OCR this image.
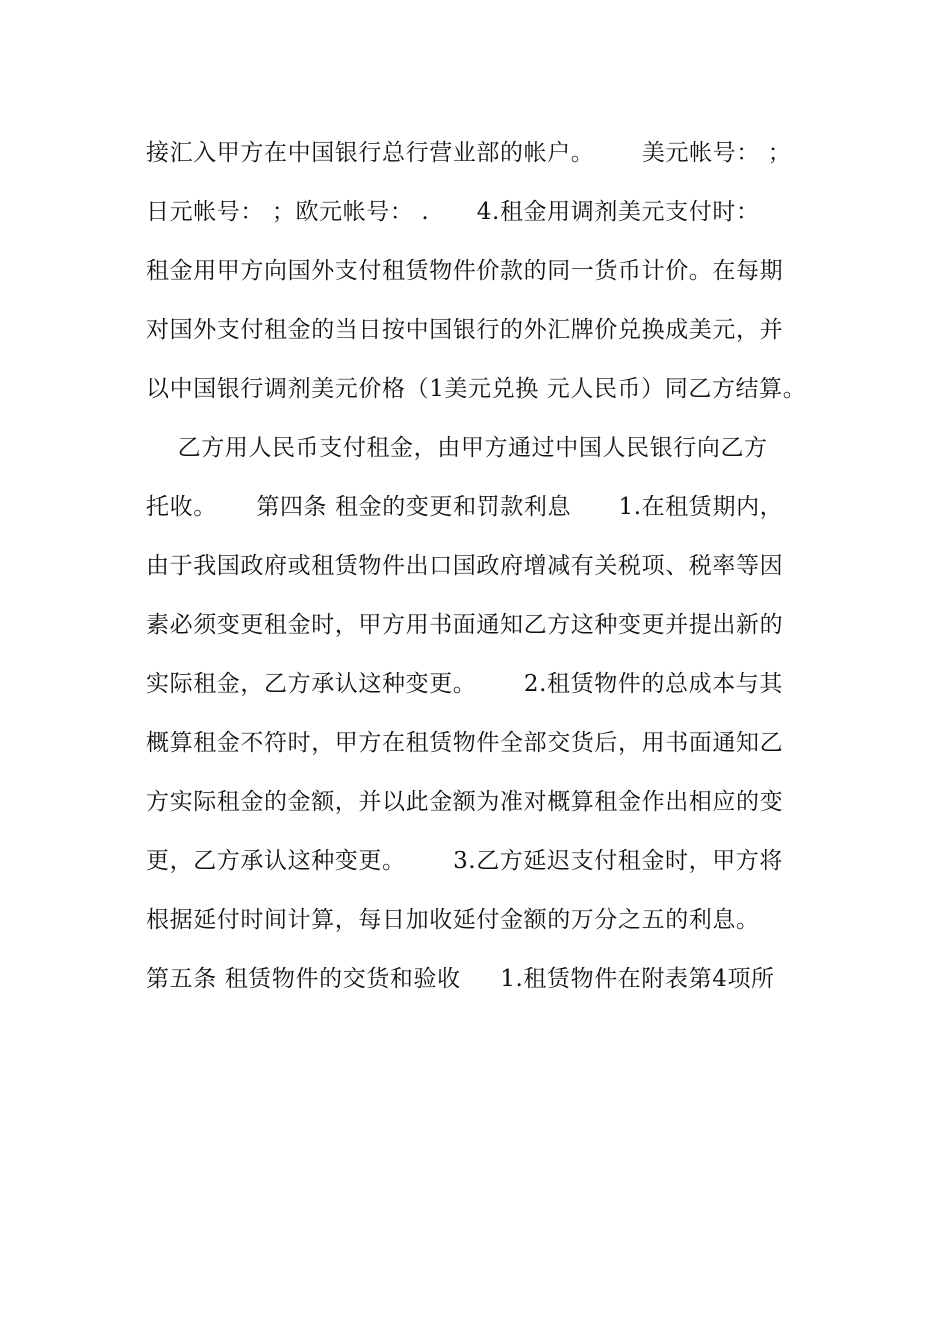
接汇入甲方在中国银行总行营业部的帐户。      美元帐号： ；
日元帐号： ；欧元帐号： .      4.租金用调剂美元支付时：
租金用甲方向国外支付租赁物件价款的同一货币计价。在每期
对国外支付租金的当日按中国银行的外汇牌价兑换成美元，并
以中国银行调剂美元价格（1美元兑换 元人民币）同乙方结算。
乙方用人民币支付租金，由甲方通过中国人民银行向乙方
托收。     第四条 租金的变更和罚款利息      1.在租赁期内，
由于我国政府或租赁物件出口国政府增减有关税项、税率等因
素必须变更租金时，甲方用书面通知乙方这种变更并提出新的
实际租金，乙方承认这种变更。      2.租赁物件的总成本与其
概算租金不符时，甲方在租赁物件全部交货后，用书面通知乙
方实际租金的金额，并以此金额为准对概算租金作出相应的变
更，乙方承认这种变更。      3.乙方延迟支付租金时，甲方将
根据延付时间计算，每日加收延付金额的万分之五的利息。
第五条 租赁物件的交货和验收     1.租赁物件在附表第4项所
